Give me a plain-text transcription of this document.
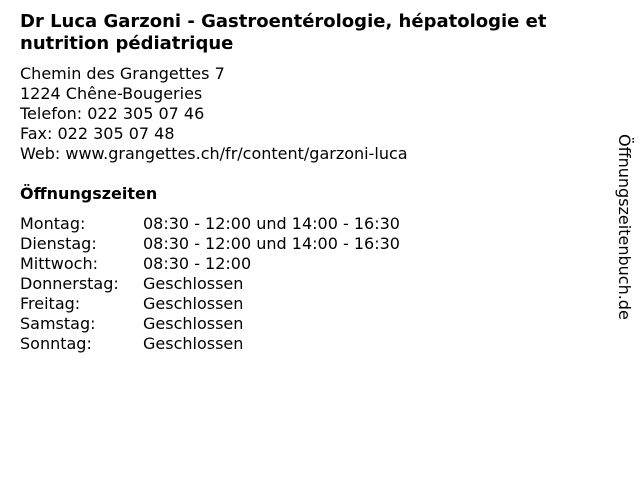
Dr Luca Garzoni - Gastroentérologie, hépatologie et nutrition pédiatrique
Chemin des Grangettes 7
1224 Chêne-Bougeries
Telefon: 022 305 07 46
Fax: 022 305 07 48
Web: www.grangettes.ch/fr/content/garzoni-luca
Öffnungszeiten
Montag:	08:30 - 12:00 und 14:00 - 16:30
Dienstag:	08:30 - 12:00 und 14:00 - 16:30
Mittwoch:	08:30 - 12:00
Donnerstag: Geschlossen
Freitag:	Geschlossen
Samstag:	Geschlossen
Sonntag:	Geschlossen
Öffnungszeitenbuch.de
